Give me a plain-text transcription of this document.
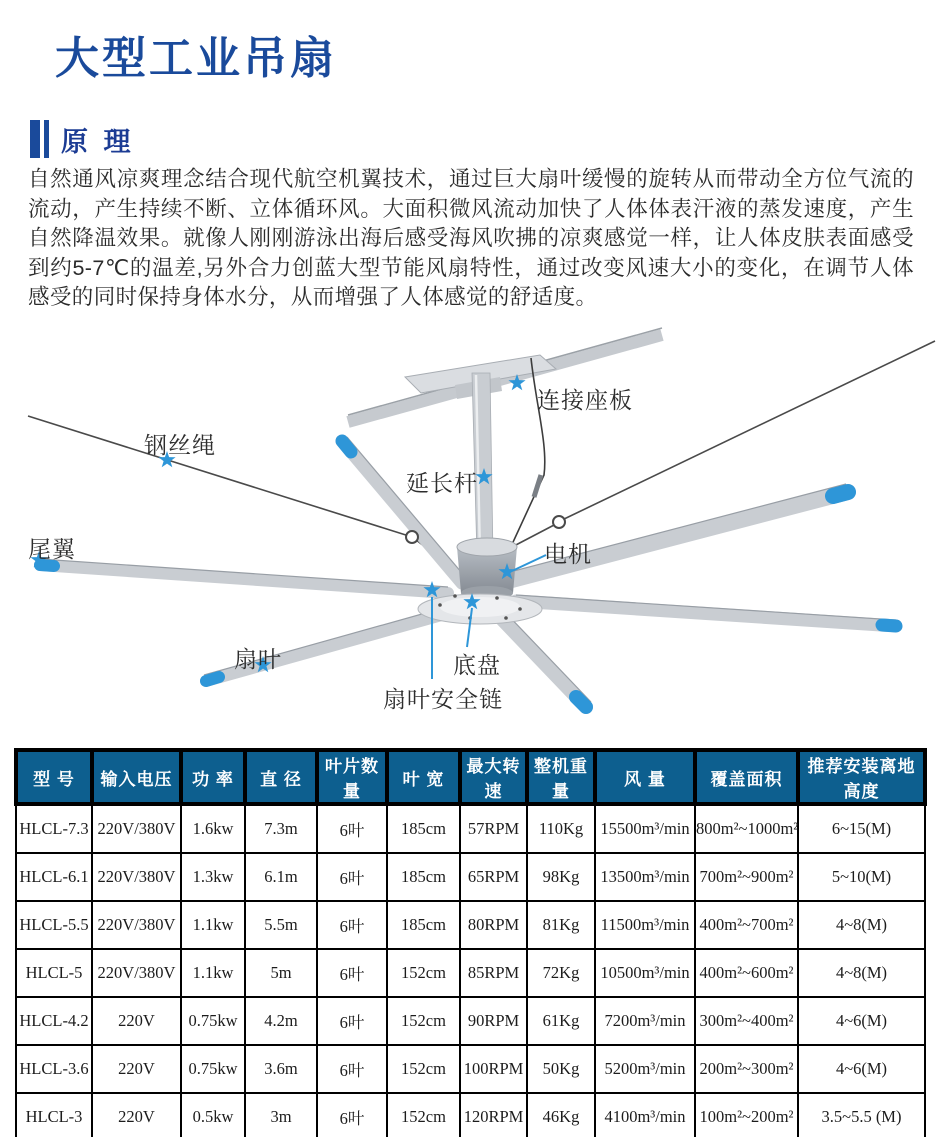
大型工业吊扇
原 理
自然通风凉爽理念结合现代航空机翼技术，通过巨大扇叶缓慢的旋转从而带动全方位气流的流动，产生持续不断、立体循环风。大面积微风流动加快了人体体表汗液的蒸发速度，产生自然降温效果。就像人刚刚游泳出海后感受海风吹拂的凉爽感觉一样，让人体皮肤表面感受到约5-7℃的温差,另外合力创蓝大型节能风扇特性，通过改变风速大小的变化，在调节人体感受的同时保持身体水分，从而增强了人体感觉的舒适度。
连接座板
钢丝绳
延长杆
尾翼	电机
扇叶	底盘
扇叶安全链
型 号	输入电压	功 率	直 径	叶片数量	叶 宽	最大转速	整机重量	风 量	覆盖面积	推荐安装离地高度
HLCL-7.3	220V/380V	1.6kw	7.3m	6叶	185cm	57RPM	110Kg	15500m³/min	800m²~1000m²	6~15(M)
HLCL-6.1	220V/380V	1.3kw	6.1m	6叶	185cm	65RPM	98Kg	13500m³/min	700m²~900m²	5~10(M)
HLCL-5.5	220V/380V	1.1kw	5.5m	6叶	185cm	80RPM	81Kg	11500m³/min	400m²~700m²	4~8(M)
HLCL-5	220V/380V	1.1kw	5m	6叶	152cm	85RPM	72Kg	10500m³/min	400m²~600m²	4~8(M)
HLCL-4.2	220V	0.75kw	4.2m	6叶	152cm	90RPM	61Kg	7200m³/min	300m²~400m²	4~6(M)
HLCL-3.6	220V	0.75kw	3.6m	6叶	152cm	100RPM	50Kg	5200m³/min	200m²~300m²	4~6(M)
HLCL-3	220V	0.5kw	3m	6叶	152cm	120RPM	46Kg	4100m³/min	100m²~200m²	3.5~5.5 (M)
